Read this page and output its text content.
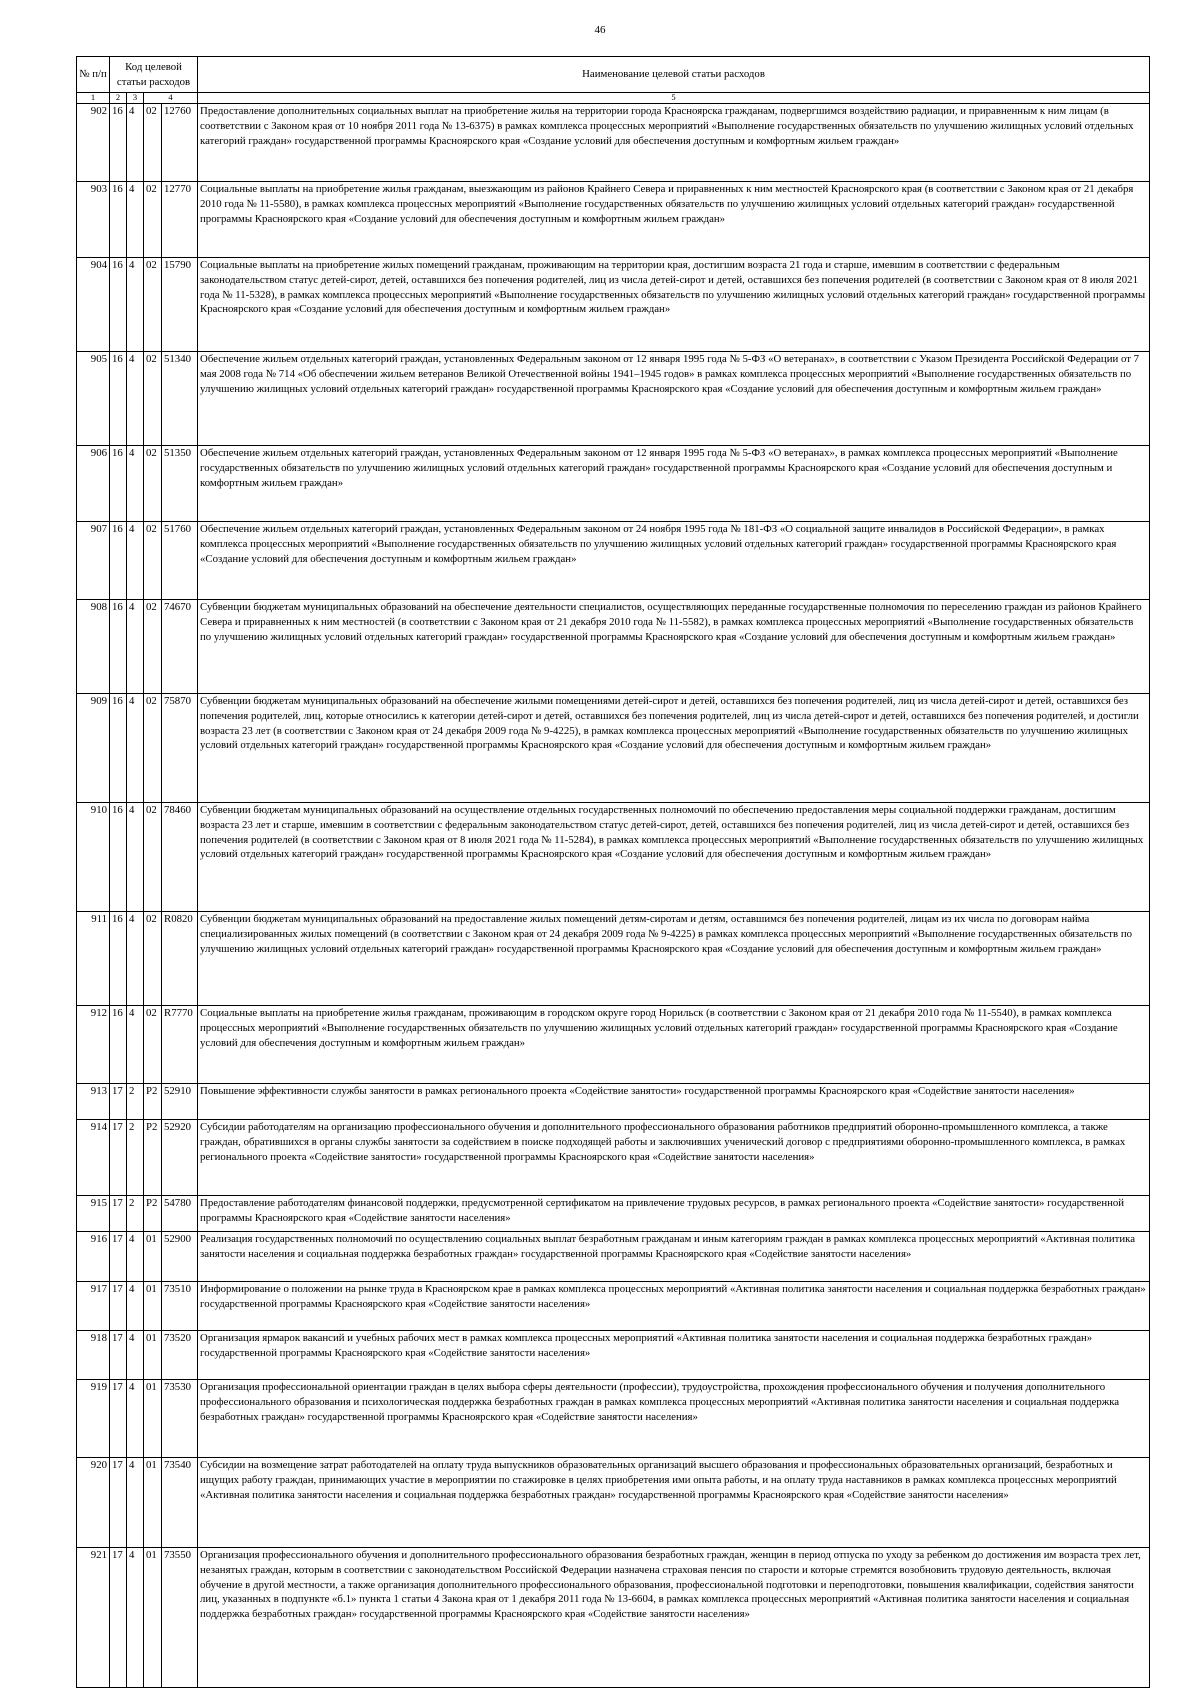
46
№ п/п	Код целевой статьи расходов				Наименование целевой статьи расходов
1	2	3	4		5
902	16	4	02	12760	Предоставление дополнительных социальных выплат на приобретение жилья на территории города Красноярска гражданам, подвергшимся воздействию радиации, и приравненным к ним лицам (в соответствии с Законом края от 10 ноября 2011 года № 13-6375) в рамках комплекса процессных мероприятий «Выполнение государственных обязательств по улучшению жилищных условий отдельных категорий граждан» государственной программы Красноярского края «Создание условий для обеспечения доступным и комфортным жильем граждан»
903	16	4	02	12770	Социальные выплаты на приобретение жилья гражданам, выезжающим из районов Крайнего Севера и приравненных к ним местностей Красноярского края (в соответствии с Законом края от 21 декабря 2010 года № 11-5580), в рамках комплекса процессных мероприятий «Выполнение государственных обязательств по улучшению жилищных условий отдельных категорий граждан» государственной программы Красноярского края «Создание условий для обеспечения доступным и комфортным жильем граждан»
904	16	4	02	15790	Социальные выплаты на приобретение жилых помещений гражданам, проживающим на территории края, достигшим возраста 21 года и старше, имевшим в соответствии с федеральным законодательством статус детей-сирот, детей, оставшихся без попечения родителей, лиц из числа детей-сирот и детей, оставшихся без попечения родителей (в соответствии с Законом края от 8 июля 2021 года № 11-5328), в рамках комплекса процессных мероприятий «Выполнение государственных обязательств по улучшению жилищных условий отдельных категорий граждан» государственной программы Красноярского края «Создание условий для обеспечения доступным и комфортным жильем граждан»
905	16	4	02	51340	Обеспечение жильем отдельных категорий граждан, установленных Федеральным законом от 12 января 1995 года № 5-ФЗ «О ветеранах», в соответствии с Указом Президента Российской Федерации от 7 мая 2008 года № 714 «Об обеспечении жильем ветеранов Великой Отечественной войны 1941–1945 годов» в рамках комплекса процессных мероприятий «Выполнение государственных обязательств по улучшению жилищных условий отдельных категорий граждан» государственной программы Красноярского края «Создание условий для обеспечения доступным и комфортным жильем граждан»
906	16	4	02	51350	Обеспечение жильем отдельных категорий граждан, установленных Федеральным законом от 12 января 1995 года № 5-ФЗ «О ветеранах», в рамках комплекса процессных мероприятий «Выполнение государственных обязательств по улучшению жилищных условий отдельных категорий граждан» государственной программы Красноярского края «Создание условий для обеспечения доступным и комфортным жильем граждан»
907	16	4	02	51760	Обеспечение жильем отдельных категорий граждан, установленных Федеральным законом от 24 ноября 1995 года № 181-ФЗ «О социальной защите инвалидов в Российской Федерации», в рамках комплекса процессных мероприятий «Выполнение государственных обязательств по улучшению жилищных условий отдельных категорий граждан» государственной программы Красноярского края «Создание условий для обеспечения доступным и комфортным жильем граждан»
908	16	4	02	74670	Субвенции бюджетам муниципальных образований на обеспечение деятельности специалистов, осуществляющих переданные государственные полномочия по переселению граждан из районов Крайнего Севера и приравненных к ним местностей (в соответствии с Законом края от 21 декабря 2010 года № 11-5582), в рамках комплекса процессных мероприятий «Выполнение государственных обязательств по улучшению жилищных условий отдельных категорий граждан» государственной программы Красноярского края «Создание условий для обеспечения доступным и комфортным жильем граждан»
909	16	4	02	75870	Субвенции бюджетам муниципальных образований на обеспечение жилыми помещениями детей-сирот и детей, оставшихся без попечения родителей, лиц из числа детей-сирот и детей, оставшихся без попечения родителей, лиц, которые относились к категории детей-сирот и детей, оставшихся без попечения родителей, лиц из числа детей-сирот и детей, оставшихся без попечения родителей, и достигли возраста 23 лет (в соответствии с Законом края от 24 декабря 2009 года № 9-4225), в рамках комплекса процессных мероприятий «Выполнение государственных обязательств по улучшению жилищных условий отдельных категорий граждан» государственной программы Красноярского края «Создание условий для обеспечения доступным и комфортным жильем граждан»
910	16	4	02	78460	Субвенции бюджетам муниципальных образований на осуществление отдельных государственных полномочий по обеспечению предоставления меры социальной поддержки гражданам, достигшим возраста 23 лет и старше, имевшим в соответствии с федеральным законодательством статус детей-сирот, детей, оставшихся без попечения родителей, лиц из числа детей-сирот и детей, оставшихся без попечения родителей (в соответствии с Законом края от 8 июля 2021 года № 11-5284), в рамках комплекса процессных мероприятий «Выполнение государственных обязательств по улучшению жилищных условий отдельных категорий граждан» государственной программы Красноярского края «Создание условий для обеспечения доступным и комфортным жильем граждан»
911	16	4	02	R0820	Субвенции бюджетам муниципальных образований на предоставление жилых помещений детям-сиротам и детям, оставшимся без попечения родителей, лицам из их числа по договорам найма специализированных жилых помещений (в соответствии с Законом края от 24 декабря 2009 года № 9-4225) в рамках комплекса процессных мероприятий «Выполнение государственных обязательств по улучшению жилищных условий отдельных категорий граждан» государственной программы Красноярского края «Создание условий для обеспечения доступным и комфортным жильем граждан»
912	16	4	02	R7770	Социальные выплаты на приобретение жилья гражданам, проживающим в городском округе город Норильск (в соответствии с Законом края от 21 декабря 2010 года № 11-5540), в рамках комплекса процессных мероприятий «Выполнение государственных обязательств по улучшению жилищных условий отдельных категорий граждан» государственной программы Красноярского края «Создание условий для обеспечения доступным и комфортным жильем граждан»
913	17	2	P2	52910	Повышение эффективности службы занятости в рамках регионального проекта «Содействие занятости» государственной программы Красноярского края «Содействие занятости населения»
914	17	2	P2	52920	Субсидии работодателям на организацию профессионального обучения и дополнительного профессионального образования работников предприятий оборонно-промышленного комплекса, а также граждан, обратившихся в органы службы занятости за содействием в поиске подходящей работы и заключивших ученический договор с предприятиями оборонно-промышленного комплекса, в рамках регионального проекта «Содействие занятости» государственной программы Красноярского края «Содействие занятости населения»
915	17	2	P2	54780	Предоставление работодателям финансовой поддержки, предусмотренной сертификатом на привлечение трудовых ресурсов, в рамках регионального проекта «Содействие занятости» государственной программы Красноярского края «Содействие занятости населения»
916	17	4	01	52900	Реализация государственных полномочий по осуществлению социальных выплат безработным гражданам и иным категориям граждан в рамках комплекса процессных мероприятий «Активная политика занятости населения и социальная поддержка безработных граждан» государственной программы Красноярского края «Содействие занятости населения»
917	17	4	01	73510	Информирование о положении на рынке труда в Красноярском крае в рамках комплекса процессных мероприятий «Активная политика занятости населения и социальная поддержка безработных граждан» государственной программы Красноярского края «Содействие занятости населения»
918	17	4	01	73520	Организация ярмарок вакансий и учебных рабочих мест в рамках комплекса процессных мероприятий «Активная политика занятости населения и социальная поддержка безработных граждан» государственной программы Красноярского края «Содействие занятости населения»
919	17	4	01	73530	Организация профессиональной ориентации граждан в целях выбора сферы деятельности (профессии), трудоустройства, прохождения профессионального обучения и получения дополнительного профессионального образования и психологическая поддержка безработных граждан в рамках комплекса процессных мероприятий «Активная политика занятости населения и социальная поддержка безработных граждан» государственной программы Красноярского края «Содействие занятости населения»
920	17	4	01	73540	Субсидии на возмещение затрат работодателей на оплату труда выпускников образовательных организаций высшего образования и профессиональных образовательных организаций, безработных и ищущих работу граждан, принимающих участие в мероприятии по стажировке в целях приобретения ими опыта работы, и на оплату труда наставников в рамках комплекса процессных мероприятий «Активная политика занятости населения и социальная поддержка безработных граждан» государственной программы Красноярского края «Содействие занятости населения»
921	17	4	01	73550	Организация профессионального обучения и дополнительного профессионального образования безработных граждан, женщин в период отпуска по уходу за ребенком до достижения им возраста трех лет, незанятых граждан, которым в соответствии с законодательством Российской Федерации назначена страховая пенсия по старости и которые стремятся возобновить трудовую деятельность, включая обучение в другой местности, а также организация дополнительного профессионального образования, профессиональной подготовки и переподготовки, повышения квалификации, содействия занятости лиц, указанных в подпункте «б.1» пункта 1 статьи 4 Закона края от 1 декабря 2011 года № 13-6604, в рамках комплекса процессных мероприятий «Активная политика занятости населения и социальная поддержка безработных граждан» государственной программы Красноярского края «Содействие занятости населения»
